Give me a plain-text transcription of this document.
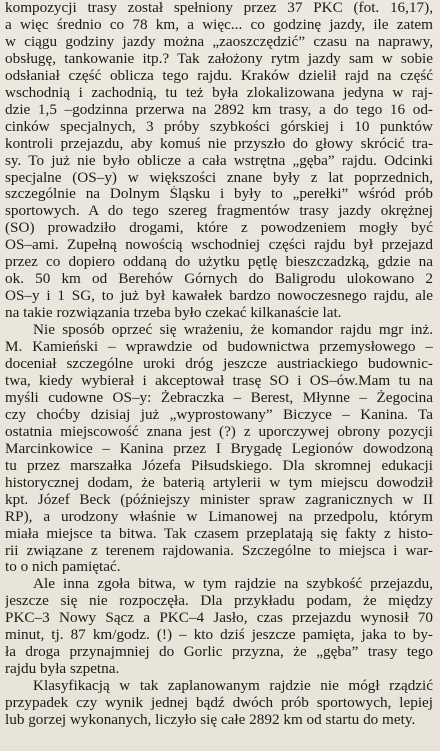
kompozycji trasy został spełniony przez 37 PKC (fot. 16,17),
a więc średnio co 78 km, a więc... co godzinę jazdy, ile zatem
w ciągu godziny jazdy można „zaoszczędzić” czasu na naprawy,
obsługę, tankowanie itp.? Tak założony rytm jazdy sam w sobie
odsłaniał część oblicza tego rajdu. Kraków dzielił rajd na część
wschodnią i zachodnią, tu też była zlokalizowana jedyna w raj-
dzie 1,5 –godzinna przerwa na 2892 km trasy, a do tego 16 od-
cinków specjalnych, 3 próby szybkości górskiej i 10 punktów
kontroli przejazdu, aby komuś nie przyszło do głowy skrócić tra-
sy. To już nie było oblicze a cała wstrętna „gęba” rajdu. Odcinki
specjalne (OS–y) w większości znane były z lat poprzednich,
szczególnie na Dolnym Śląsku i były to „perełki” wśród prób
sportowych. A do tego szereg fragmentów trasy jazdy okrężnej
(SO) prowadziło drogami, które z powodzeniem mogły być
OS–ami. Zupełną nowością wschodniej części rajdu był przejazd
przez co dopiero oddaną do użytku pętlę bieszczadzką, gdzie na
ok. 50 km od Berehów Górnych do Baligrodu ulokowano 2
OS–y i 1 SG, to już był kawałek bardzo nowoczesnego rajdu, ale
na takie rozwiązania trzeba było czekać kilkanaście lat.
Nie sposób oprzeć się wrażeniu, że komandor rajdu mgr inż.
M. Kamieński – wprawdzie od budownictwa przemysłowego –
doceniał szczególne uroki dróg jeszcze austriackiego budownic-
twa, kiedy wybierał i akceptował trasę SO i OS–ów.Mam tu na
myśli cudowne OS–y: Żebraczka – Berest, Młynne – Żegocina
czy choćby dzisiaj już „wyprostowany” Biczyce – Kanina. Ta
ostatnia miejscowość znana jest (?) z uporczywej obrony pozycji
Marcinkowice – Kanina przez I Brygadę Legionów dowodzoną
tu przez marszałka Józefa Piłsudskiego. Dla skromnej edukacji
historycznej dodam, że baterią artylerii w tym miejscu dowodził
kpt. Józef Beck (późniejszy minister spraw zagranicznych w II
RP), a urodzony właśnie w Limanowej na przedpolu, którym
miała miejsce ta bitwa. Tak czasem przeplatają się fakty z histo-
rii związane z terenem rajdowania. Szczególne to miejsca i war-
to o nich pamiętać.
Ale inna zgoła bitwa, w tym rajdzie na szybkość przejazdu,
jeszcze się nie rozpoczęła. Dla przykładu podam, że między
PKC–3 Nowy Sącz a PKC–4 Jasło, czas przejazdu wynosił 70
minut, tj. 87 km/godz. (!) – kto dziś jeszcze pamięta, jaka to by-
ła droga przynajmniej do Gorlic przyzna, że „gęba” trasy tego
rajdu była szpetna.
Klasyfikacją w tak zaplanowanym rajdzie nie mógł rządzić
przypadek czy wynik jednej bądź dwóch prób sportowych, lepiej
lub gorzej wykonanych, liczyło się całe 2892 km od startu do mety.
